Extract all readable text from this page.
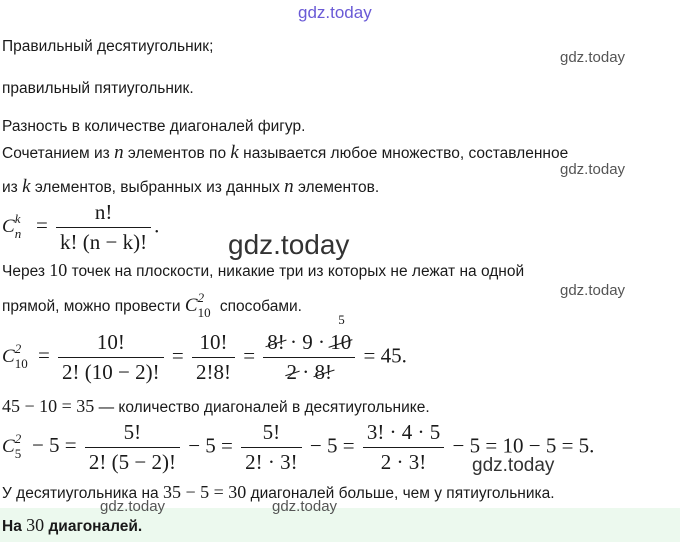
gdz.today
gdz.today
gdz.today
gdz.today
gdz.today
gdz.today
gdz.today	gdz.today
Правильный десятиугольник;
правильный пятиугольник.
Разность в количестве диагоналей фигур.
Сочетанием из n элементов по k называется любое множество, составленное
из k элементов, выбранных из данных n элементов.
C k
$n = \frac{n!}{k! (n - k)!}$ .
Через 10 точек на плоскости, никакие три из которых не лежат на одной
прямой, можно провести C 2
10 способами.
C 2
$10 = \frac{10!}{2! (10 - 2)!} = \frac{10!}{2!8!} = 8$! · 9 · 10
5
2 · 8! = 45.
45 − 10 = 35 — количество диагоналей в десятиугольнике.
C 2
$5 - 5 = \frac{5!}{2! (5 - 2)!} - 5 = \frac{5!}{2! \cdot 3!} - 5 = \frac{3! \cdot 4 \cdot 5}{2 \cdot 3!} - 5 = 10 - 5 = 5$.
У десятиугольника на 35 − 5 = 30 диагоналей больше, чем у пятиугольника.
На 30 диагоналей.
